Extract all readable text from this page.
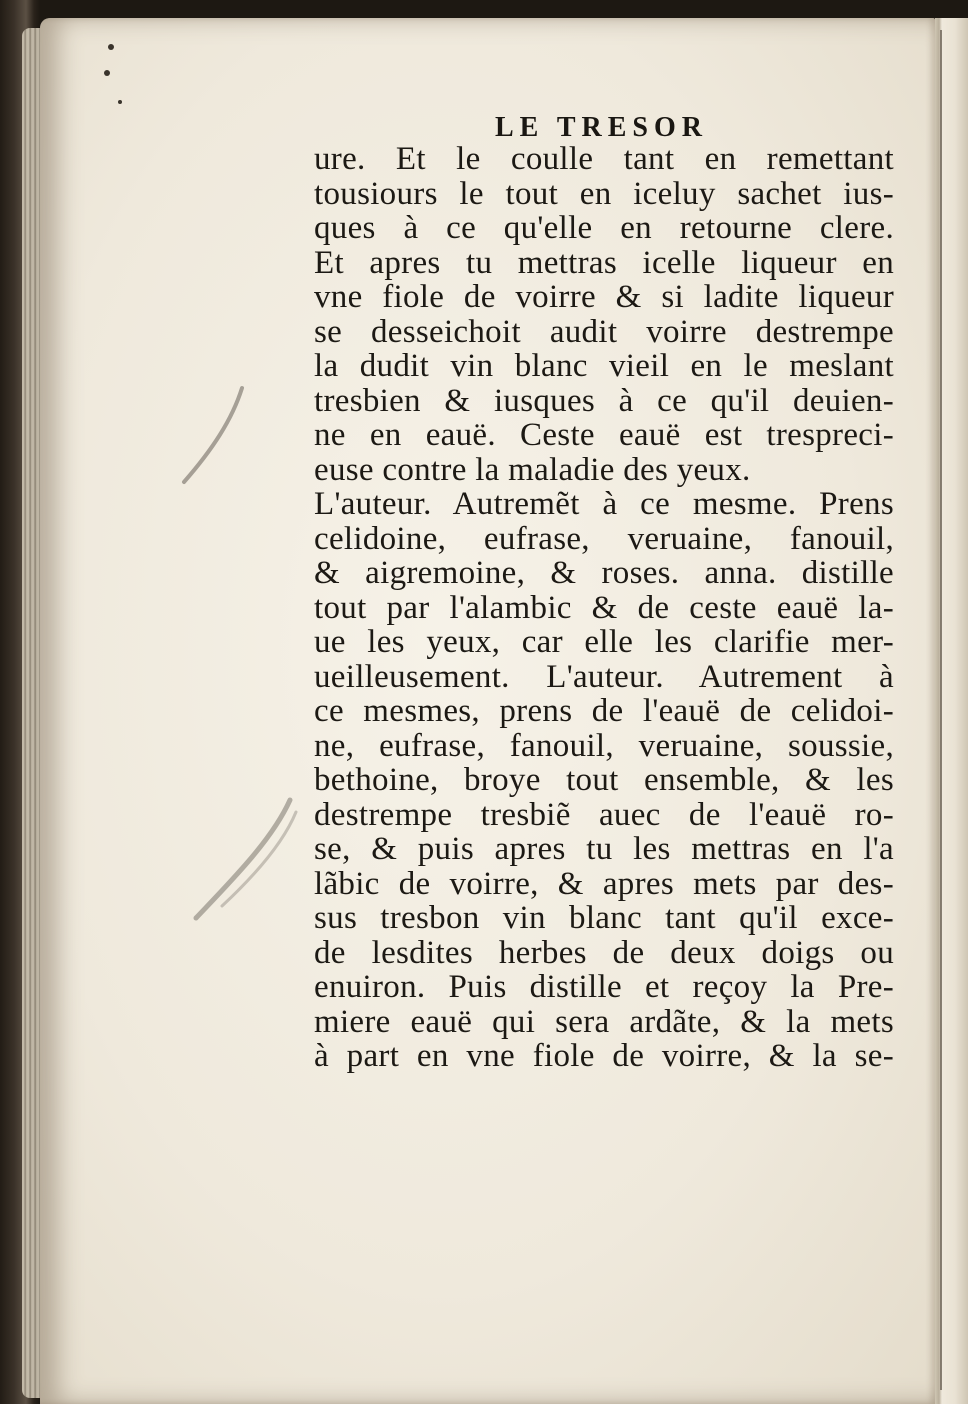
LE TRESOR
ure. Et le coulle tant en remettant
tousiours le tout en iceluy sachet ius-
ques à ce qu'elle en retourne clere.
Et apres tu mettras icelle liqueur en
vne fiole de voirre & si ladite liqueur
se desseichoit audit voirre destrempe
la dudit vin blanc vieil en le meslant
tresbien & iusques à ce qu'il deuien-
ne en eauë. Ceste eauë est trespreci-
euse contre la maladie des yeux.
L'auteur. Autremẽt à ce mesme. Prens
celidoine, eufrase, veruaine, fanouil,
& aigremoine, & roses. anna. distille
tout par l'alambic & de ceste eauë la-
ue les yeux, car elle les clarifie mer-
ueilleusement. L'auteur. Autrement à
ce mesmes, prens de l'eauë de celidoi-
ne, eufrase, fanouil, veruaine, soussie,
bethoine, broye tout ensemble, & les
destrempe tresbiẽ auec de l'eauë ro-
se, & puis apres tu les mettras en l'a
lãbic de voirre, & apres mets par des-
sus tresbon vin blanc tant qu'il exce-
de lesdites herbes de deux doigs ou
enuiron. Puis distille et reçoy la Pre-
miere eauë qui sera ardãte, & la mets
à part en vne fiole de voirre, & la se-
